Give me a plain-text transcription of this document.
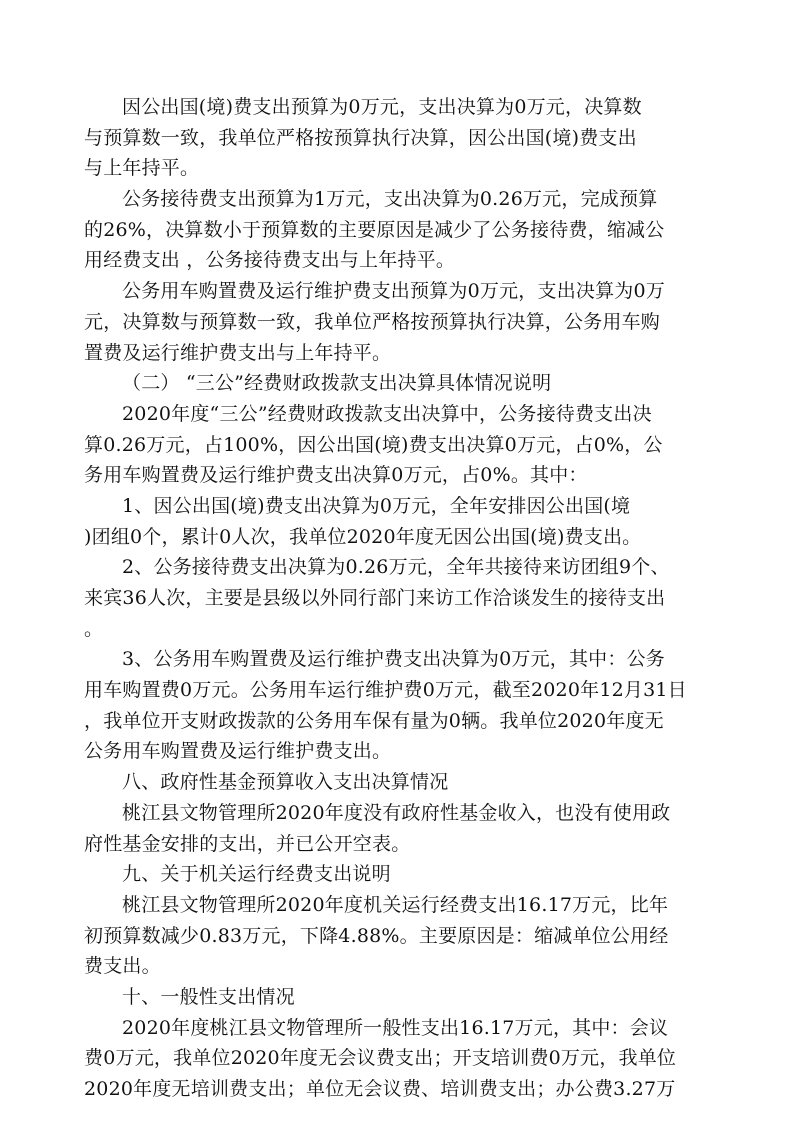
因公出国(境)费支出预算为0万元，支出决算为0万元，决算数
与预算数一致，我单位严格按预算执行决算，因公出国(境)费支出
与上年持平。
公务接待费支出预算为1万元，支出决算为0.26万元，完成预算
的26%，决算数小于预算数的主要原因是减少了公务接待费，缩减公
用经费支出 ，公务接待费支出与上年持平。
公务用车购置费及运行维护费支出预算为0万元，支出决算为0万
元，决算数与预算数一致，我单位严格按预算执行决算，公务用车购
置费及运行维护费支出与上年持平。
（二） “三公”经费财政拨款支出决算具体情况说明
2020年度“三公”经费财政拨款支出决算中，公务接待费支出决
算0.26万元，占100%，因公出国(境)费支出决算0万元，占0%，公
务用车购置费及运行维护费支出决算0万元，占0%。其中：
1、因公出国(境)费支出决算为0万元，全年安排因公出国(境
)团组0个，累计0人次，我单位2020年度无因公出国(境)费支出。
2、公务接待费支出决算为0.26万元，全年共接待来访团组9个、
来宾36人次，主要是县级以外同行部门来访工作洽谈发生的接待支出
。
3、公务用车购置费及运行维护费支出决算为0万元，其中：公务
用车购置费0万元。公务用车运行维护费0万元，截至2020年12月31日
，我单位开支财政拨款的公务用车保有量为0辆。我单位2020年度无
公务用车购置费及运行维护费支出。
八、政府性基金预算收入支出决算情况
桃江县文物管理所2020年度没有政府性基金收入，也没有使用政
府性基金安排的支出，并已公开空表。
九、关于机关运行经费支出说明
桃江县文物管理所2020年度机关运行经费支出16.17万元，比年
初预算数减少0.83万元，下降4.88%。主要原因是：缩减单位公用经
费支出。
十、一般性支出情况
2020年度桃江县文物管理所一般性支出16.17万元，其中：会议
费0万元，我单位2020年度无会议费支出；开支培训费0万元，我单位
2020年度无培训费支出；单位无会议费、培训费支出；办公费3.27万
